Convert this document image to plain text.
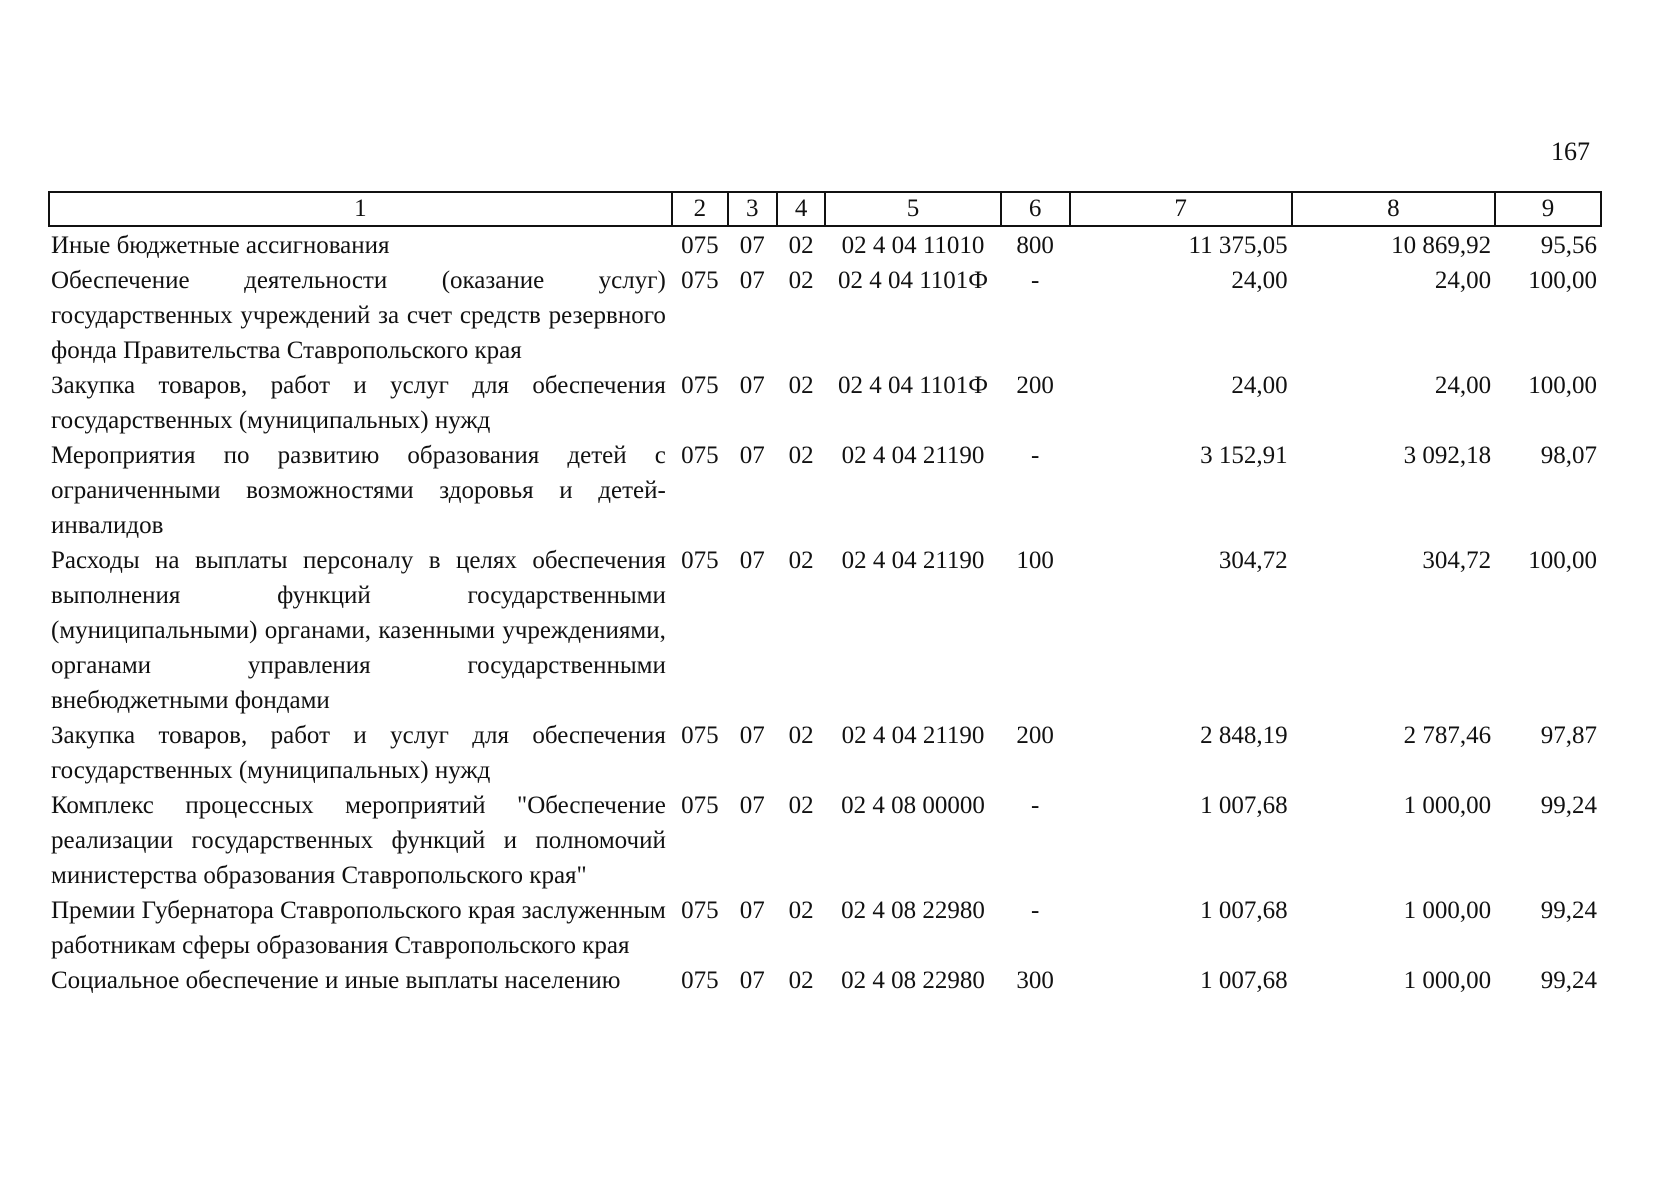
167
1	2	3	4	5	6	7	8	9
Иные бюджетные ассигнования	075	07	02	02 4 04 11010	800	11 375,05	10 869,92	95,56
Обеспечение деятельности (оказание услуг) государственных учреждений за счет средств резервного фонда Правительства Ставропольского края	075	07	02	02 4 04 1101Ф	-	24,00	24,00	100,00
Закупка товаров, работ и услуг для обеспечения государственных (муниципальных) нужд	075	07	02	02 4 04 1101Ф	200	24,00	24,00	100,00
Мероприятия по развитию образования детей с ограниченными возможностями здоровья и детей-инвалидов	075	07	02	02 4 04 21190	-	3 152,91	3 092,18	98,07
Расходы на выплаты персоналу в целях обеспечения выполнения функций государственными (муниципальными) органами, казенными учреждениями, органами управления государственными внебюджетными фондами	075	07	02	02 4 04 21190	100	304,72	304,72	100,00
Закупка товаров, работ и услуг для обеспечения государственных (муниципальных) нужд	075	07	02	02 4 04 21190	200	2 848,19	2 787,46	97,87
Комплекс процессных мероприятий "Обеспечение реализации государственных функций и полномочий министерства образования Ставропольского края"	075	07	02	02 4 08 00000	-	1 007,68	1 000,00	99,24
Премии Губернатора Ставропольского края заслуженным работникам сферы образования Ставропольского края	075	07	02	02 4 08 22980	-	1 007,68	1 000,00	99,24
Социальное обеспечение и иные выплаты населению	075	07	02	02 4 08 22980	300	1 007,68	1 000,00	99,24
